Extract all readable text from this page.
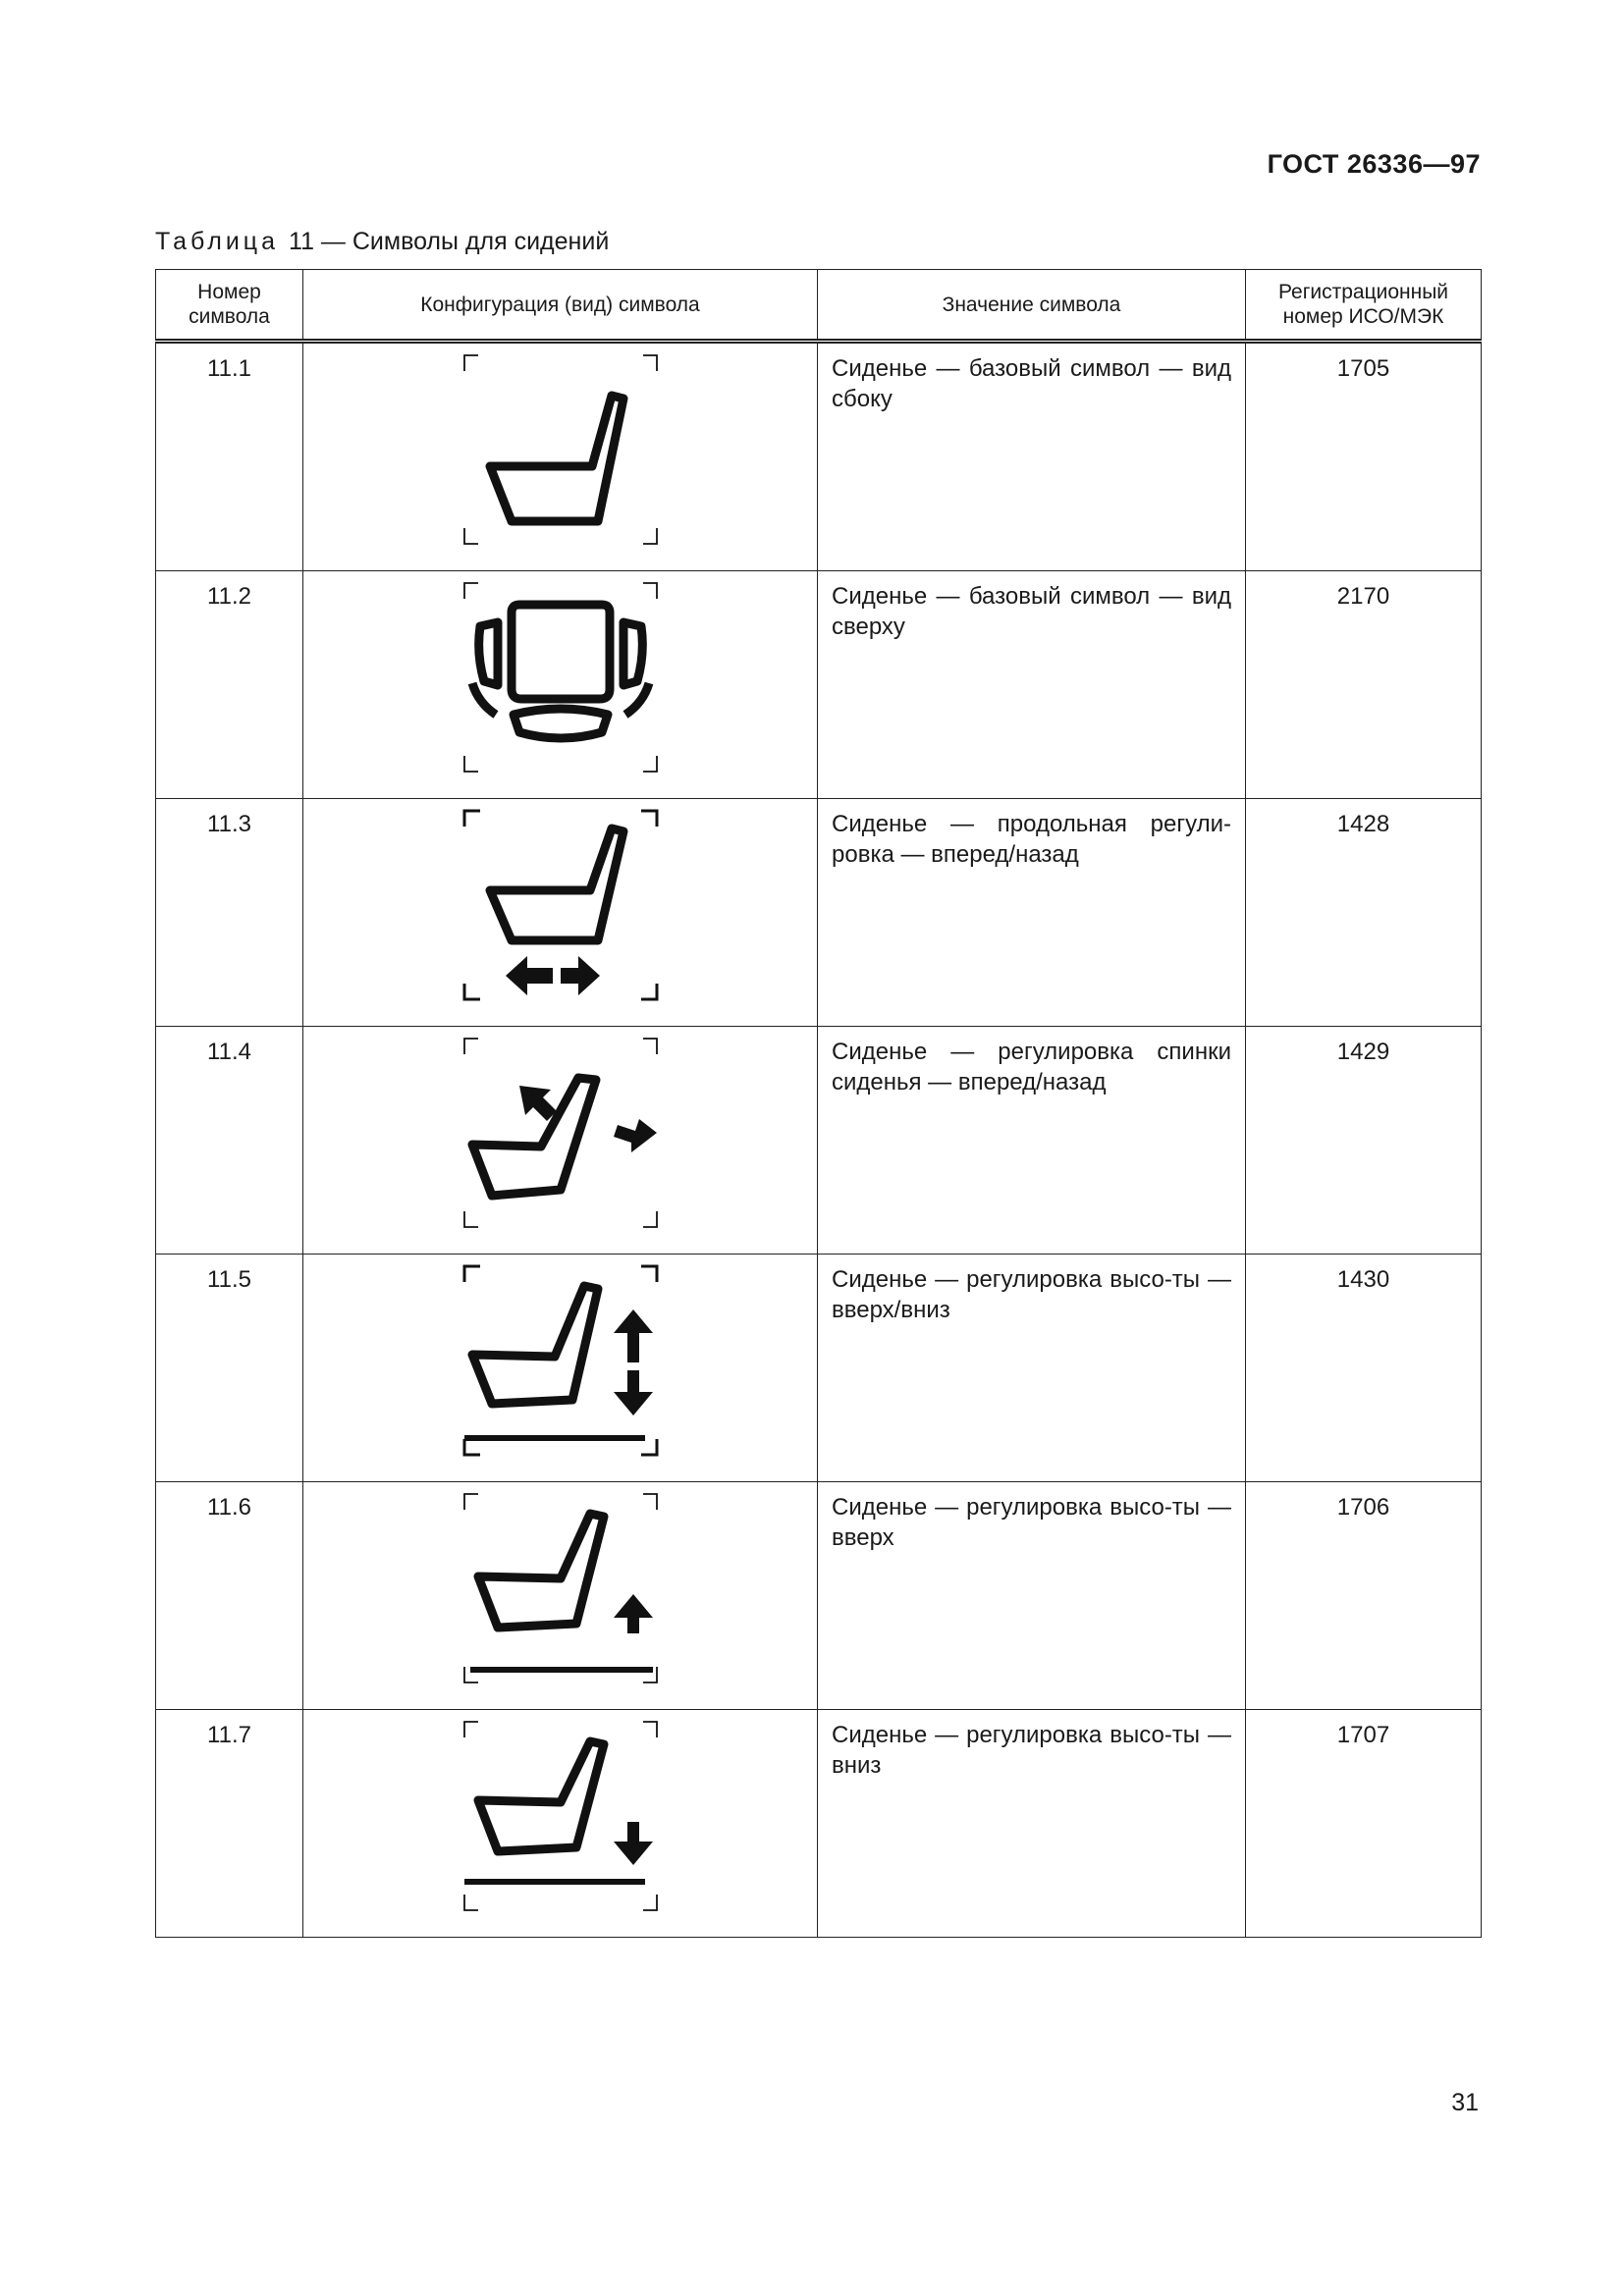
ГОСТ 26336—97
Таблица 11 — Символы для сидений
Номер символа	Конфигурация (вид) символа	Значение символа	Регистрационный номер ИСО/МЭК
11.1		Сиденье — базовый символ — вид сбоку	1705
11.2		Сиденье — базовый символ — вид сверху	2170
11.3		Сиденье — продольная регули-ровка — вперед/назад	1428
11.4		Сиденье — регулировка спинки сиденья — вперед/назад	1429
11.5		Сиденье — регулировка высо-ты — вверх/вниз	1430
11.6		Сиденье — регулировка высо-ты — вверх	1706
11.7		Сиденье — регулировка высо-ты — вниз	1707
31
